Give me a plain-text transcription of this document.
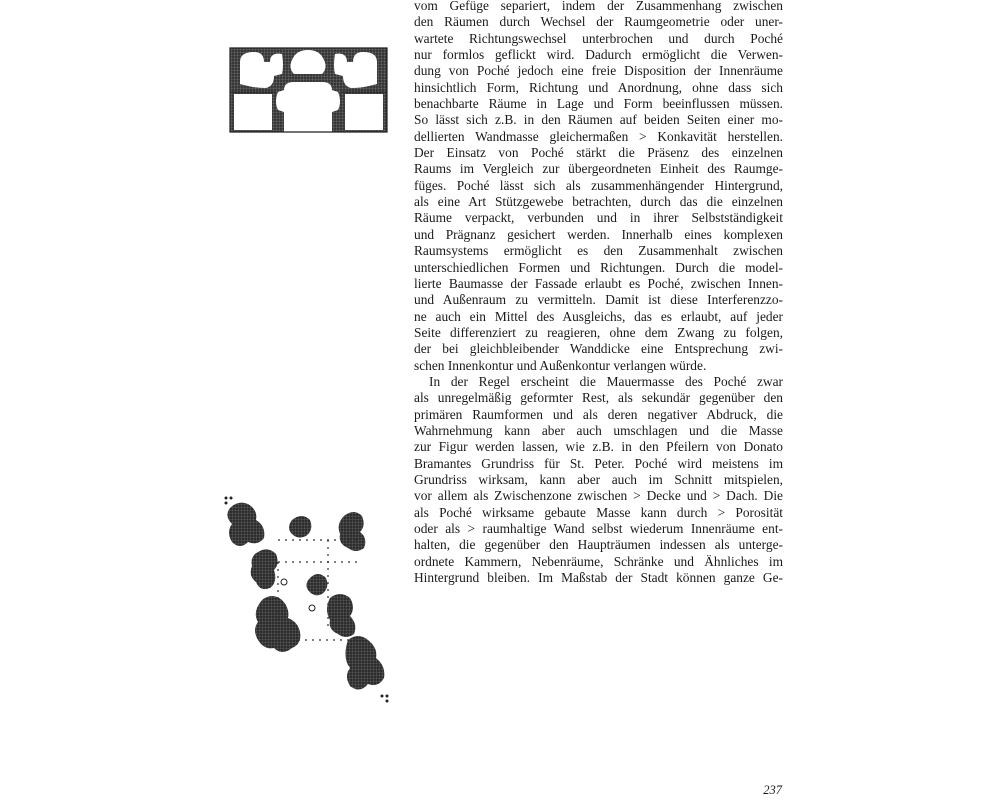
vom Gefüge separiert, indem der Zusammenhang zwischen
den Räumen durch Wechsel der Raumgeometrie oder uner-
wartete Richtungswechsel unterbrochen und durch Poché
nur formlos geflickt wird. Dadurch ermöglicht die Verwen-
dung von Poché jedoch eine freie Disposition der Innenräume
hinsichtlich Form, Richtung und Anordnung, ohne dass sich
benachbarte Räume in Lage und Form beeinflussen müssen.
So lässt sich z.B. in den Räumen auf beiden Seiten einer mo-
dellierten Wandmasse gleichermaßen > Konkavität herstellen.
Der Einsatz von Poché stärkt die Präsenz des einzelnen
Raums im Vergleich zur übergeordneten Einheit des Raumge-
füges. Poché lässt sich als zusammenhängender Hintergrund,
als eine Art Stützgewebe betrachten, durch das die einzelnen
Räume verpackt, verbunden und in ihrer Selbstständigkeit
und Prägnanz gesichert werden. Innerhalb eines komplexen
Raumsystems ermöglicht es den Zusammenhalt zwischen
unterschiedlichen Formen und Richtungen. Durch die model-
lierte Baumasse der Fassade erlaubt es Poché, zwischen Innen-
und Außenraum zu vermitteln. Damit ist diese Interferenzzo-
ne auch ein Mittel des Ausgleichs, das es erlaubt, auf jeder
Seite differenziert zu reagieren, ohne dem Zwang zu folgen,
der bei gleichbleibender Wanddicke eine Entsprechung zwi-
schen Innenkontur und Außenkontur verlangen würde.
In der Regel erscheint die Mauermasse des Poché zwar
als unregelmäßig geformter Rest, als sekundär gegenüber den
primären Raumformen und als deren negativer Abdruck, die
Wahrnehmung kann aber auch umschlagen und die Masse
zur Figur werden lassen, wie z.B. in den Pfeilern von Donato
Bramantes Grundriss für St. Peter. Poché wird meistens im
Grundriss wirksam, kann aber auch im Schnitt mitspielen,
vor allem als Zwischenzone zwischen > Decke und > Dach. Die
als Poché wirksame gebaute Masse kann durch > Porosität
oder als > raumhaltige Wand selbst wiederum Innenräume ent-
halten, die gegenüber den Haupträumen indessen als unterge-
ordnete Kammern, Nebenräume, Schränke und Ähnliches im
Hintergrund bleiben. Im Maßstab der Stadt können ganze Ge-
237
